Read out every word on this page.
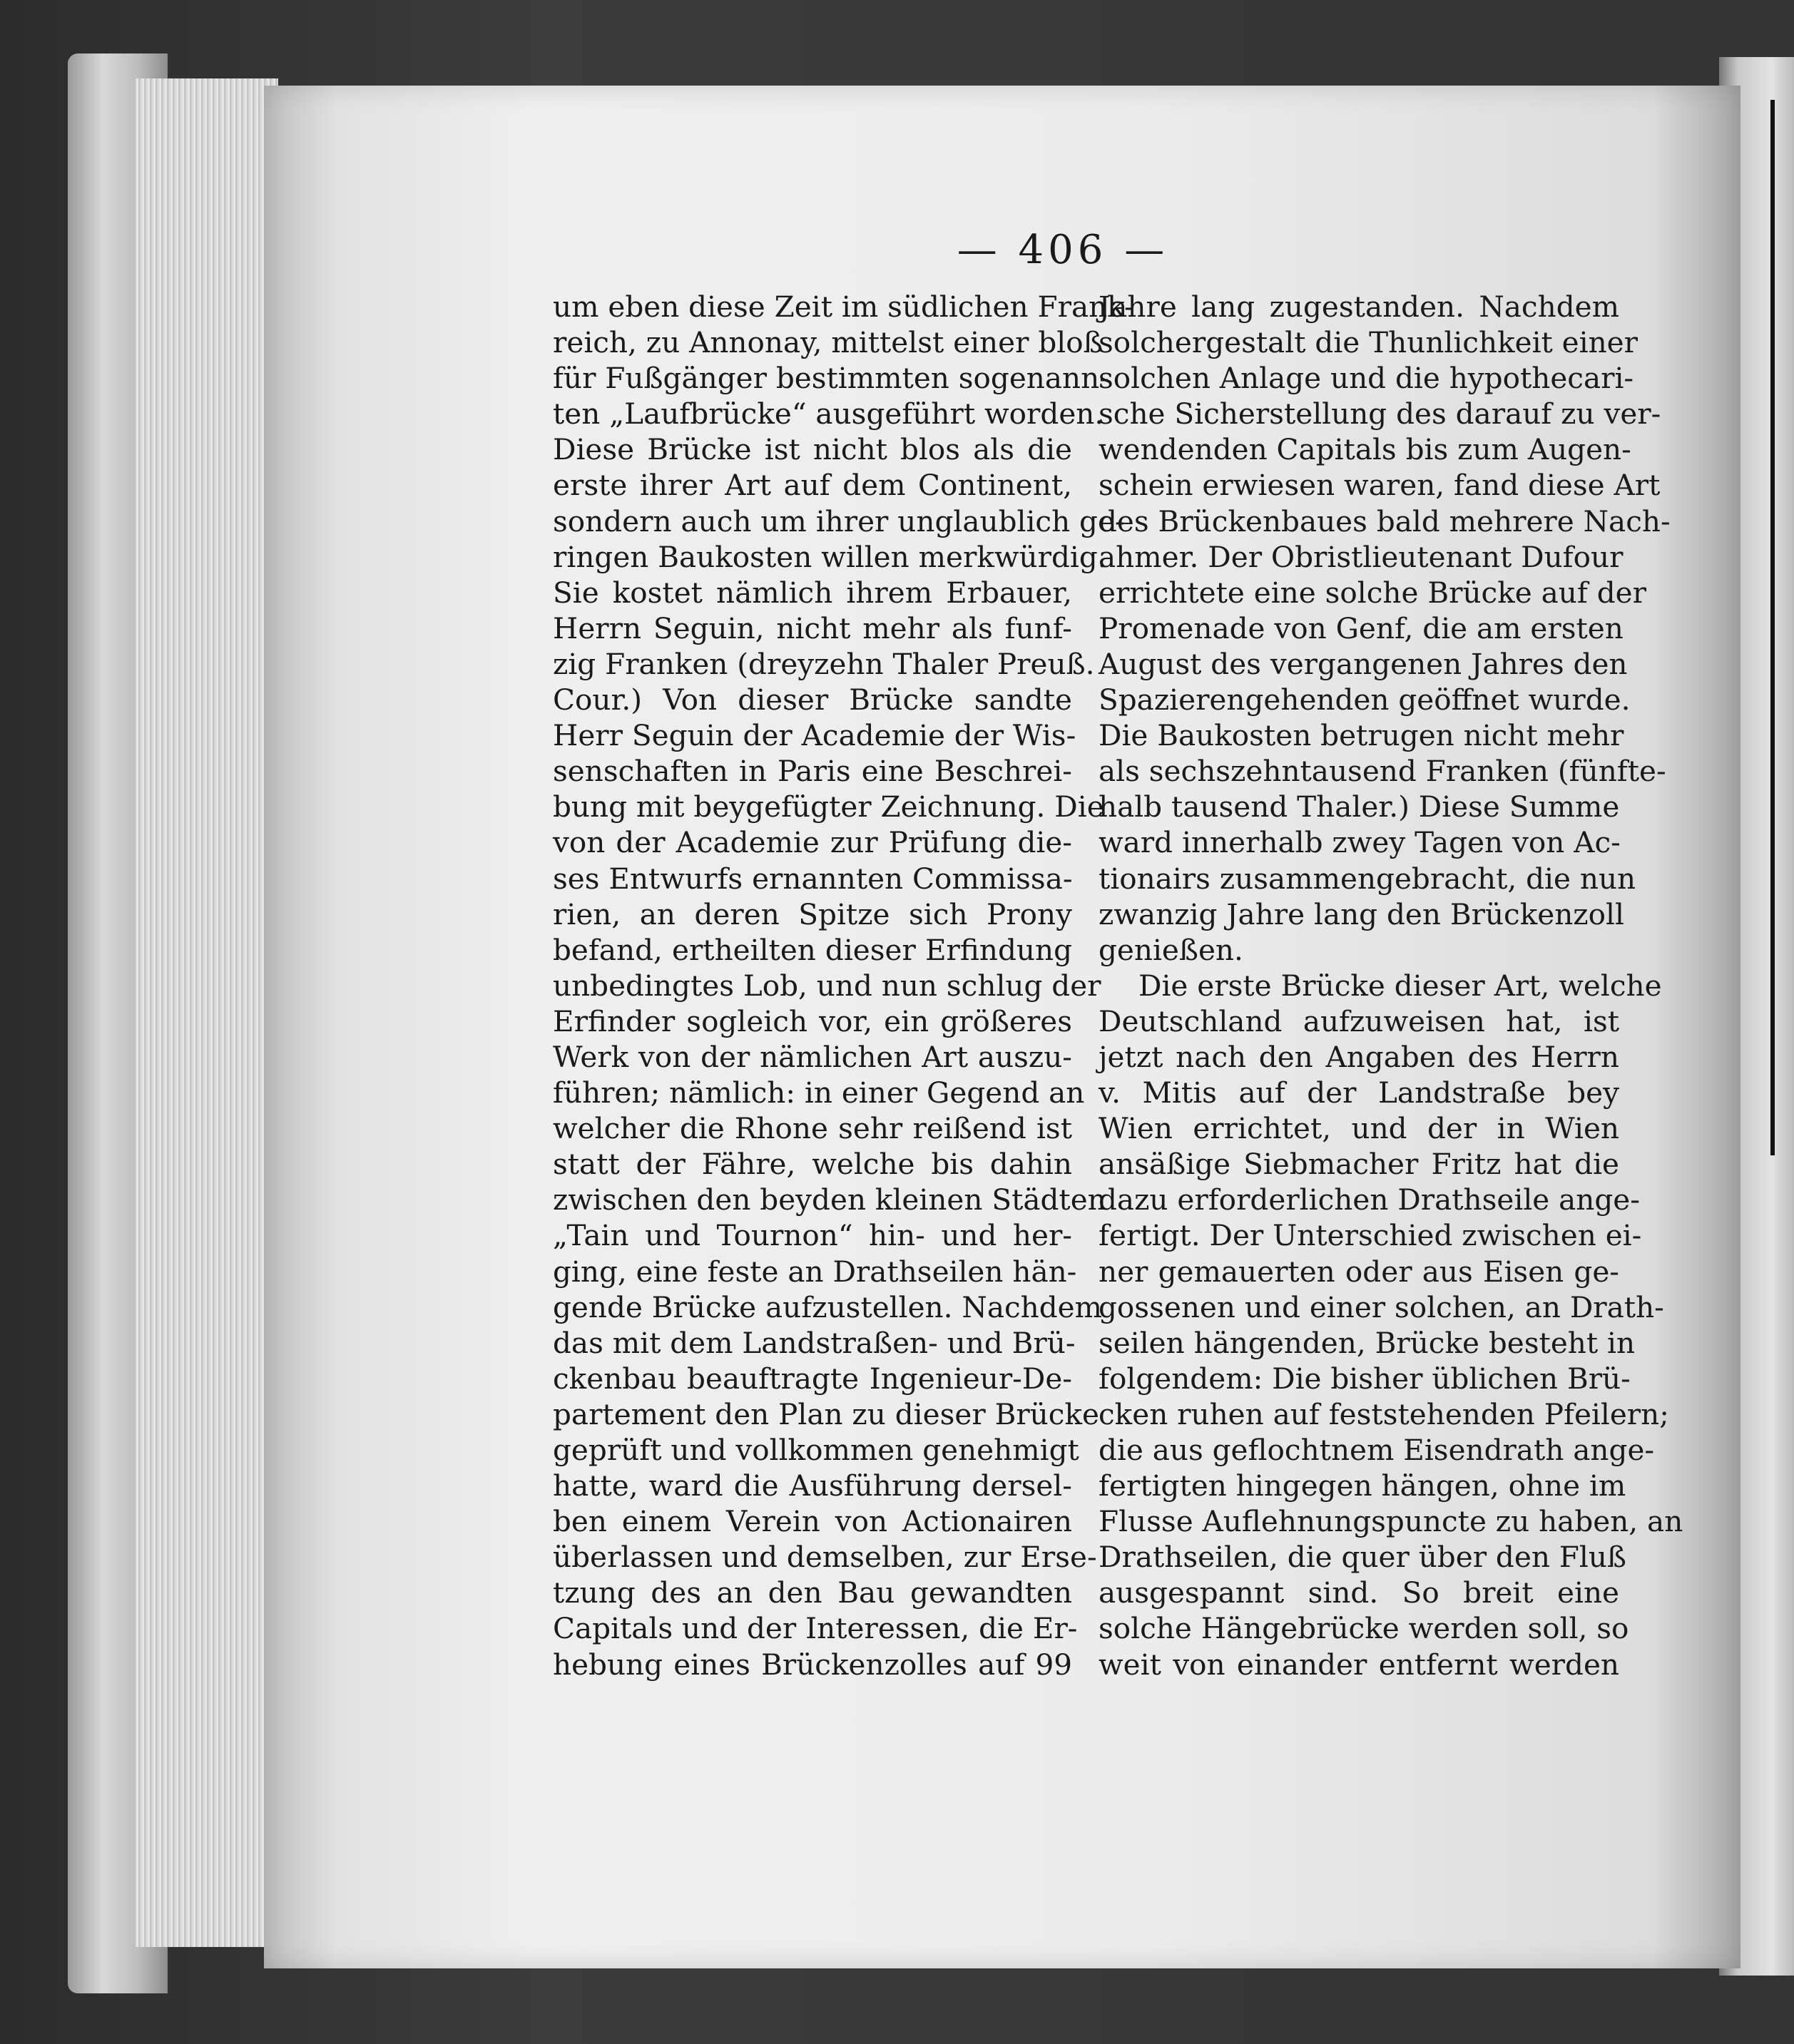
— 406 —
um eben diese Zeit im südlichen Frank-
reich, zu Annonay, mittelst einer bloß
für Fußgänger bestimmten sogenann-
ten „Laufbrücke“ ausgeführt worden.
Diese Brücke ist nicht blos als die
erste ihrer Art auf dem Continent,
sondern auch um ihrer unglaublich ge-
ringen Baukosten willen merkwürdig.
Sie kostet nämlich ihrem Erbauer,
Herrn Seguin, nicht mehr als funf-
zig Franken (dreyzehn Thaler Preuß.
Cour.) Von dieser Brücke sandte
Herr Seguin der Academie der Wis-
senschaften in Paris eine Beschrei-
bung mit beygefügter Zeichnung. Die
von der Academie zur Prüfung die-
ses Entwurfs ernannten Commissa-
rien, an deren Spitze sich Prony
befand, ertheilten dieser Erfindung
unbedingtes Lob, und nun schlug der
Erfinder sogleich vor, ein größeres
Werk von der nämlichen Art auszu-
führen; nämlich: in einer Gegend an
welcher die Rhone sehr reißend ist
statt der Fähre, welche bis dahin
zwischen den beyden kleinen Städten
„Tain und Tournon“ hin- und her-
ging, eine feste an Drathseilen hän-
gende Brücke aufzustellen. Nachdem
das mit dem Landstraßen- und Brü-
ckenbau beauftragte Ingenieur-De-
partement den Plan zu dieser Brücke
geprüft und vollkommen genehmigt
hatte, ward die Ausführung dersel-
ben einem Verein von Actionairen
überlassen und demselben, zur Erse-
tzung des an den Bau gewandten
Capitals und der Interessen, die Er-
hebung eines Brückenzolles auf 99
Jahre lang zugestanden. Nachdem
solchergestalt die Thunlichkeit einer
solchen Anlage und die hypothecari-
sche Sicherstellung des darauf zu ver-
wendenden Capitals bis zum Augen-
schein erwiesen waren, fand diese Art
des Brückenbaues bald mehrere Nach-
ahmer. Der Obristlieutenant Dufour
errichtete eine solche Brücke auf der
Promenade von Genf, die am ersten
August des vergangenen Jahres den
Spazierengehenden geöffnet wurde.
Die Baukosten betrugen nicht mehr
als sechszehntausend Franken (fünfte-
halb tausend Thaler.) Diese Summe
ward innerhalb zwey Tagen von Ac-
tionairs zusammengebracht, die nun
zwanzig Jahre lang den Brückenzoll
genießen.
Die erste Brücke dieser Art, welche
Deutschland aufzuweisen hat, ist
jetzt nach den Angaben des Herrn
v. Mitis auf der Landstraße bey
Wien errichtet, und der in Wien
ansäßige Siebmacher Fritz hat die
dazu erforderlichen Drathseile ange-
fertigt. Der Unterschied zwischen ei-
ner gemauerten oder aus Eisen ge-
gossenen und einer solchen, an Drath-
seilen hängenden, Brücke besteht in
folgendem: Die bisher üblichen Brü-
cken ruhen auf feststehenden Pfeilern;
die aus geflochtnem Eisendrath ange-
fertigten hingegen hängen, ohne im
Flusse Auflehnungspuncte zu haben, an
Drathseilen, die quer über den Fluß
ausgespannt sind. So breit eine
solche Hängebrücke werden soll, so
weit von einander entfernt werden
